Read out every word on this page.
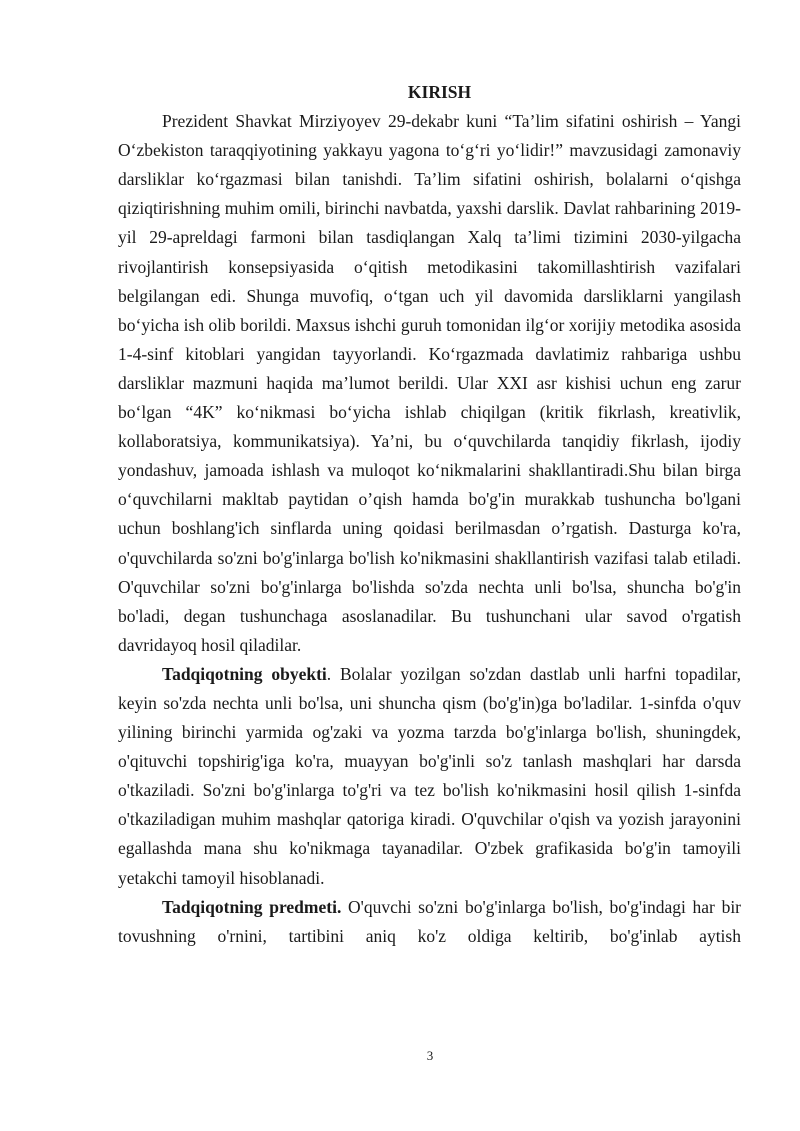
KIRISH

Prezident Shavkat Mirziyoyev 29-dekabr kuni “Ta’lim sifatini oshirish – Yangi O‘zbekiston taraqqiyotining yakkayu yagona to‘g‘ri yo‘lidir!” mavzusidagi zamonaviy darsliklar ko‘rgazmasi bilan tanishdi. Ta’lim sifatini oshirish, bolalarni o‘qishga qiziqtirishning muhim omili, birinchi navbatda, yaxshi darslik. Davlat rahbarining 2019-yil 29-apreldagi farmoni bilan tasdiqlangan Xalq ta’limi tizimini 2030-yilgacha rivojlantirish konsepsiyasida o‘qitish metodikasini takomillashtirish vazifalari belgilangan edi. Shunga muvofiq, o‘tgan uch yil davomida darsliklarni yangilash bo‘yicha ish olib borildi. Maxsus ishchi guruh tomonidan ilg‘or xorijiy metodika asosida 1-4-sinf kitoblari yangidan tayyorlandi. Ko‘rgazmada davlatimiz rahbariga ushbu darsliklar mazmuni haqida ma’lumot berildi. Ular XXI asr kishisi uchun eng zarur bo‘lgan “4K” ko‘nikmasi bo‘yicha ishlab chiqilgan (kritik fikrlash, kreativlik, kollaboratsiya, kommunikatsiya). Ya’ni, bu o‘quvchilarda tanqidiy fikrlash, ijodiy yondashuv, jamoada ishlash va muloqot ko‘nikmalarini shakllantiradi.Shu bilan birga o‘quvchilarni makltab paytidan o’qish hamda bo'g'in murakkab tushuncha bo'lgani uchun boshlang'ich sinflarda uning qoidasi berilmasdan o’rgatish. Dasturga ko'ra, o'quvchilarda so'zni bo'g'inlarga bo'lish ko'nikmasini shakllantirish vazifasi talab etiladi. O'quvchilar so'zni bo'g'inlarga bo'lishda so'zda nechta unli bo'lsa, shuncha bo'g'in bo'ladi, degan tushunchaga asoslanadilar. Bu tushunchani ular savod o'rgatish davridayoq hosil qiladilar.

Tadqiqotning obyekti. Bolalar yozilgan so'zdan dastlab unli harfni topadilar, keyin so'zda nechta unli bo'lsa, uni shuncha qism (bo'g'in)ga bo'ladilar. 1-sinfda o'quv yilining birinchi yarmida og'zaki va yozma tarzda bo'g'inlarga bo'lish, shuningdek, o'qituvchi topshirig'iga ko'ra, muayyan bo'g'inli so'z tanlash mashqlari har darsda o'tkaziladi. So'zni bo'g'inlarga to'g'ri va tez bo'lish ko'nikmasini hosil qilish 1-sinfda o'tkaziladigan muhim mashqlar qatoriga kiradi. O'quvchilar o'qish va yozish jarayonini egallashda mana shu ko'nikmaga tayanadilar. O'zbek grafikasida bo'g'in tamoyili yetakchi tamoyil hisoblanadi.

Tadqiqotning predmeti. O'quvchi so'zni bo'g'inlarga bo'lish, bo'g'indagi har bir tovushning o'rnini, tartibini aniq ko'z oldiga keltirib, bo'g'inlab aytish

3
